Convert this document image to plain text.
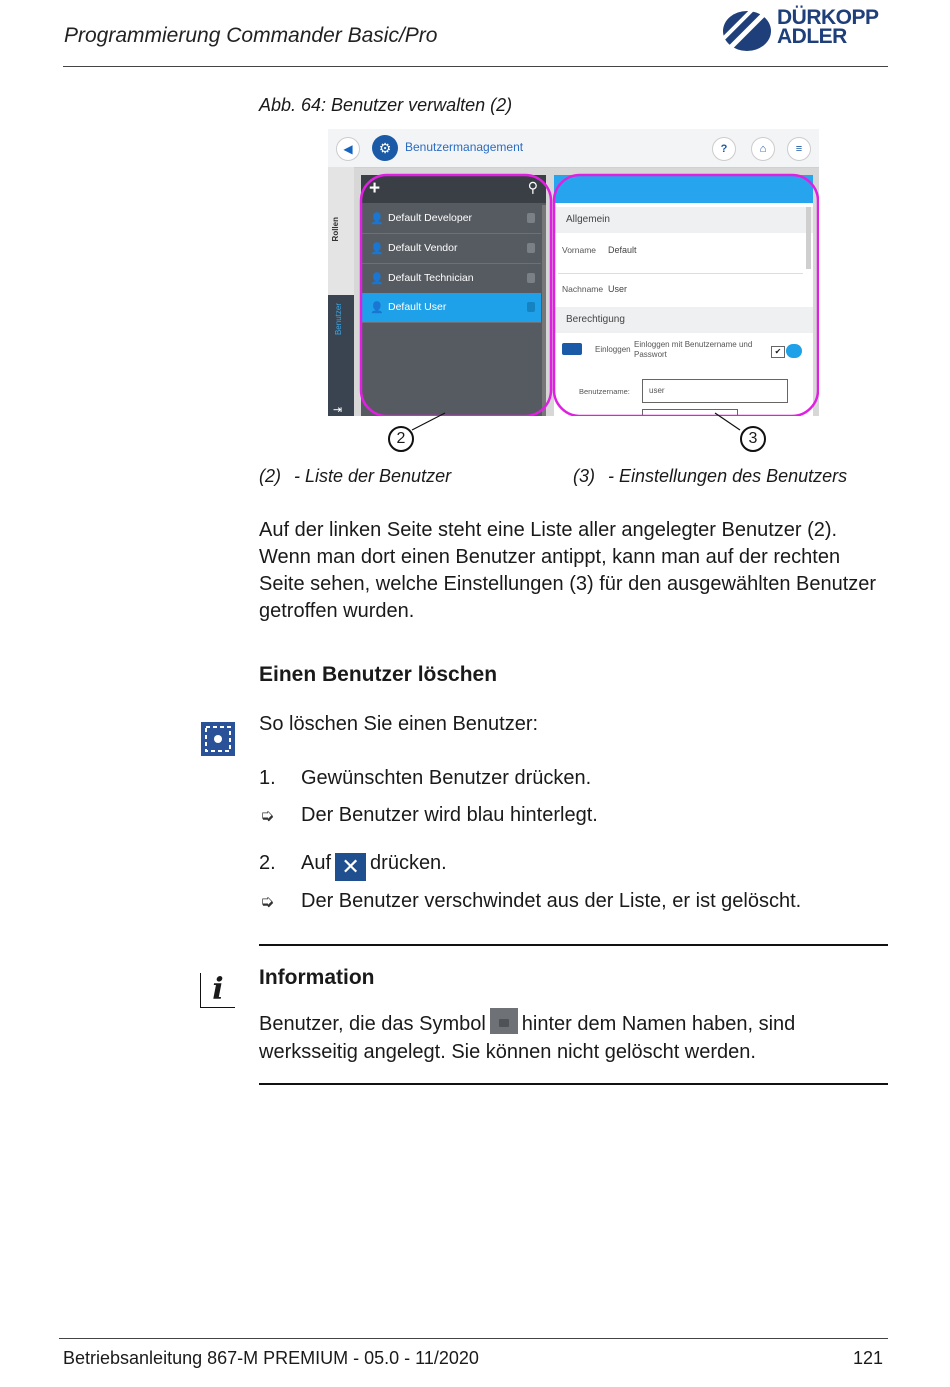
Programmierung Commander Basic/Pro
DÜRKOPP
ADLER
Abb. 64: Benutzer verwalten (2)
◀	⚙	Benutzermanagement	?	⌂	≡
Rollen
Benutzer
⇥
+	⚲
👤 Default Developer
👤 Default Vendor
👤 Default Technician
👤 Default User
Allgemein
Vorname Default
Nachname User
Berechtigung
Einloggen
Einloggen mit Benutzername und Passwort	✔
Benutzername: user
2	3
(2) - Liste der Benutzer	(3) - Einstellungen des Benutzers
Auf der linken Seite steht eine Liste aller angelegter Benutzer (2). Wenn man dort einen Benutzer antippt, kann man auf der rechten Seite sehen, welche Einstellungen (3) für den ausgewählten Benutzer getroffen wurden.
Einen Benutzer löschen
So löschen Sie einen Benutzer:
1. Gewünschten Benutzer drücken.
➭ Der Benutzer wird blau hinterlegt.
2. Auf ✕ drücken.
➭ Der Benutzer verschwindet aus der Liste, er ist gelöscht.
i	Information
Benutzer, die das Symbol hinter dem Namen haben, sind werksseitig angelegt. Sie können nicht gelöscht werden.
Betriebsanleitung 867-M PREMIUM - 05.0 - 11/2020	121
